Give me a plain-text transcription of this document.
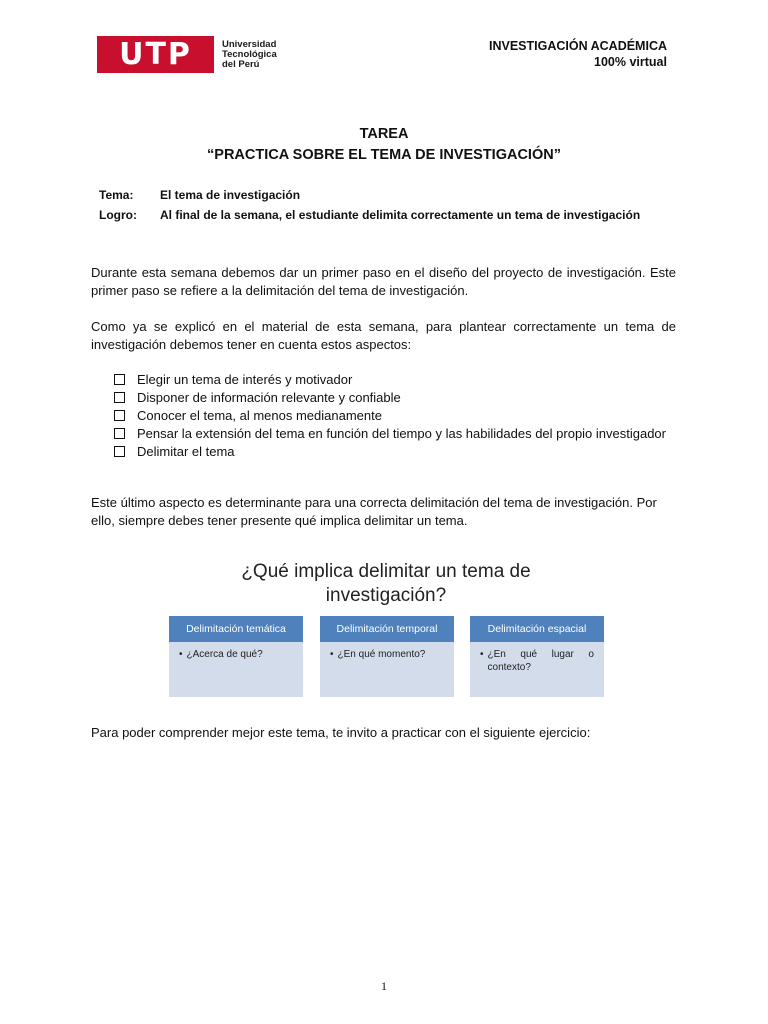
UTP	Universidad
Tecnológica
del Perú
INVESTIGACIÓN ACADÉMICA
100% virtual
TAREA
“PRACTICA SOBRE EL TEMA DE INVESTIGACIÓN”
Tema:	El tema de investigación
Logro:	Al final de la semana, el estudiante delimita correctamente un tema de investigación
Durante esta semana debemos dar un primer paso en el diseño del proyecto de investigación. Este primer paso se refiere a la delimitación del tema de investigación.
Como ya se explicó en el material de esta semana, para plantear correctamente un tema de investigación debemos tener en cuenta estos aspectos:
Elegir un tema de interés y motivador
Disponer de información relevante y confiable
Conocer el tema, al menos medianamente
Pensar la extensión del tema en función del tiempo y las habilidades del propio investigador
Delimitar el tema
Este último aspecto es determinante para una correcta delimitación del tema de investigación. Por ello, siempre debes tener presente qué implica delimitar un tema.
¿Qué implica delimitar un tema de
investigación?
Delimitación temática
• ¿Acerca de qué?
Delimitación temporal
• ¿En qué momento?
Delimitación espacial
• ¿En qué lugar o contexto?
Para poder comprender mejor este tema, te invito a practicar con el siguiente ejercicio:
1
